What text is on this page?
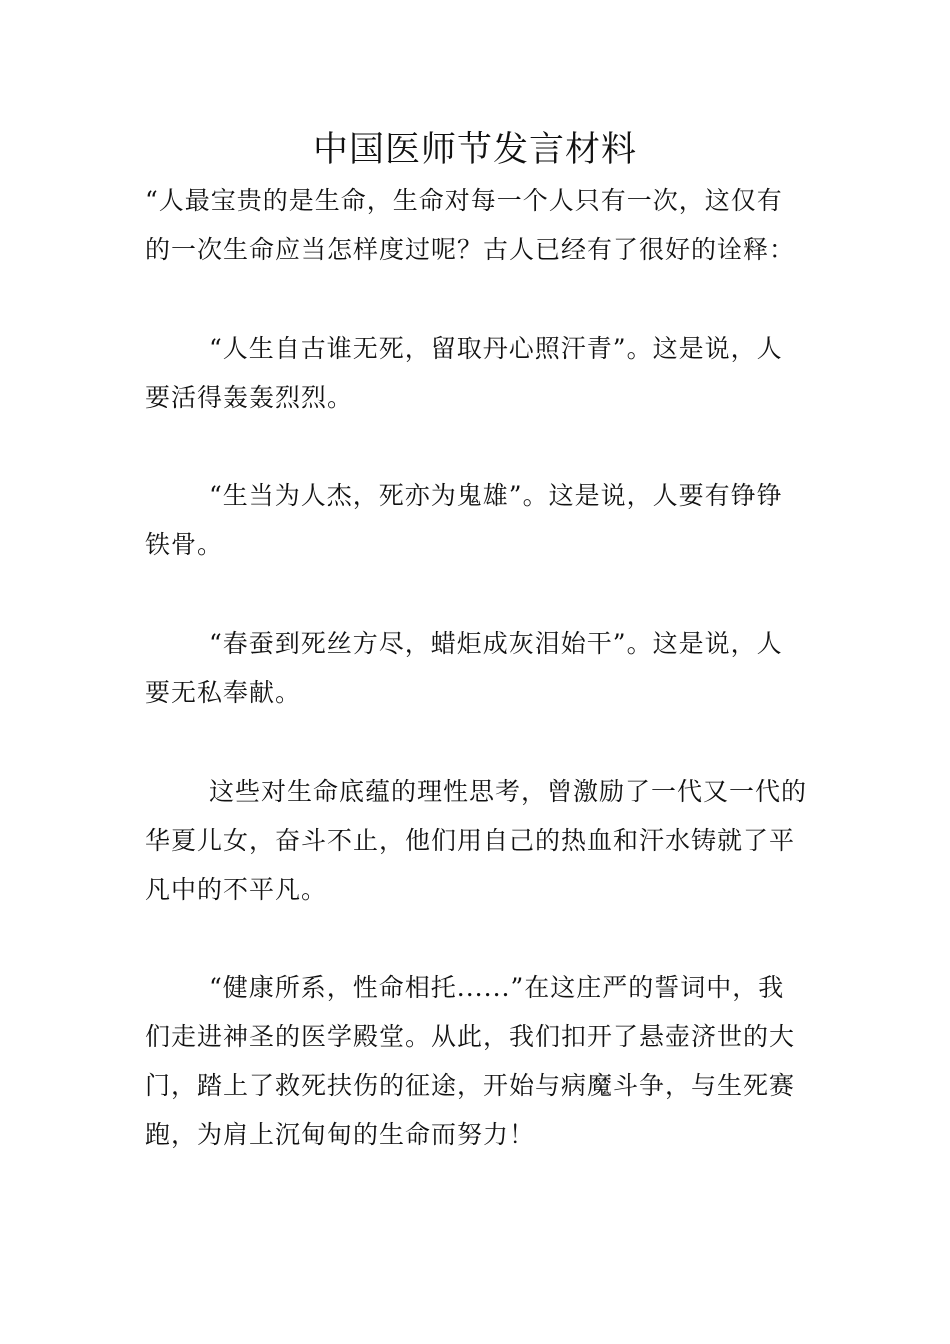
中国医师节发言材料

“人最宝贵的是生命，生命对每一个人只有一次，这仅有的一次生命应当怎样度过呢？古人已经有了很好的诠释：

“人生自古谁无死，留取丹心照汗青”。这是说，人要活得轰轰烈烈。

“生当为人杰，死亦为鬼雄”。这是说，人要有铮铮铁骨。

“春蚕到死丝方尽，蜡炬成灰泪始干”。这是说，人要无私奉献。

这些对生命底蕴的理性思考，曾激励了一代又一代的华夏儿女，奋斗不止，他们用自己的热血和汗水铸就了平凡中的不平凡。

“健康所系，性命相托......”在这庄严的誓词中，我们走进神圣的医学殿堂。从此，我们扣开了悬壶济世的大门，踏上了救死扶伤的征途，开始与病魔斗争，与生死赛跑，为肩上沉甸甸的生命而努力！
